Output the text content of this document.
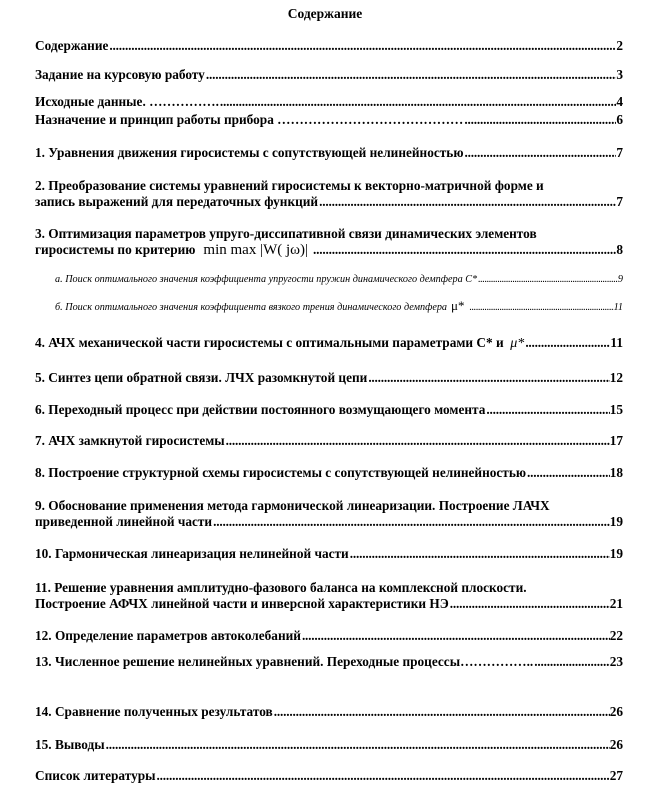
Содержание
Содержание .....	2
Задание на курсовую работу .....	3
Исходные данные. ……………. .....	4
Назначение и принцип работы прибора …………………………………… .....	6
1. Уравнения движения гиросистемы с сопутствующей нелинейностью .....	7
2. Преобразование системы уравнений гиросистемы к векторно-матричной форме и
запись выражений для передаточных функций .....	7
3. Оптимизация параметров упруго-диссипативной связи динамических элементов
гиросистемы по критерию min max |W( jω)| .....	8
а. Поиск оптимального значения коэффициента упругости пружин динамического демпфера С* .....	9
б. Поиск оптимального значения коэффициента вязкого трения динамического демпфера μ* .....	11
4. АЧХ механической части гиросистемы с оптимальными параметрами С* и
μ* .....	11
5. Синтез цепи обратной связи. ЛЧХ разомкнутой цепи .....	12
6. Переходный процесс при действии постоянного возмущающего момента .....	15
7. АЧХ замкнутой гиросистемы .....	17
8. Построение структурной схемы гиросистемы с сопутствующей нелинейностью .....	18
9. Обоснование применения метода гармонической линеаризации. Построение ЛАЧХ
приведенной линейной части .....	19
10. Гармоническая линеаризация нелинейной части .....	19
11. Решение уравнения амплитудно-фазового баланса на комплексной плоскости.
Построение АФЧХ линейной части и инверсной характеристики НЭ .....	21
12. Определение параметров автоколебаний .....	22
13. Численное решение нелинейных уравнений. Переходные процессы…………….. .....	23
14. Сравнение полученных результатов .....	26
15. Выводы .....	26
Список литературы .....	27
